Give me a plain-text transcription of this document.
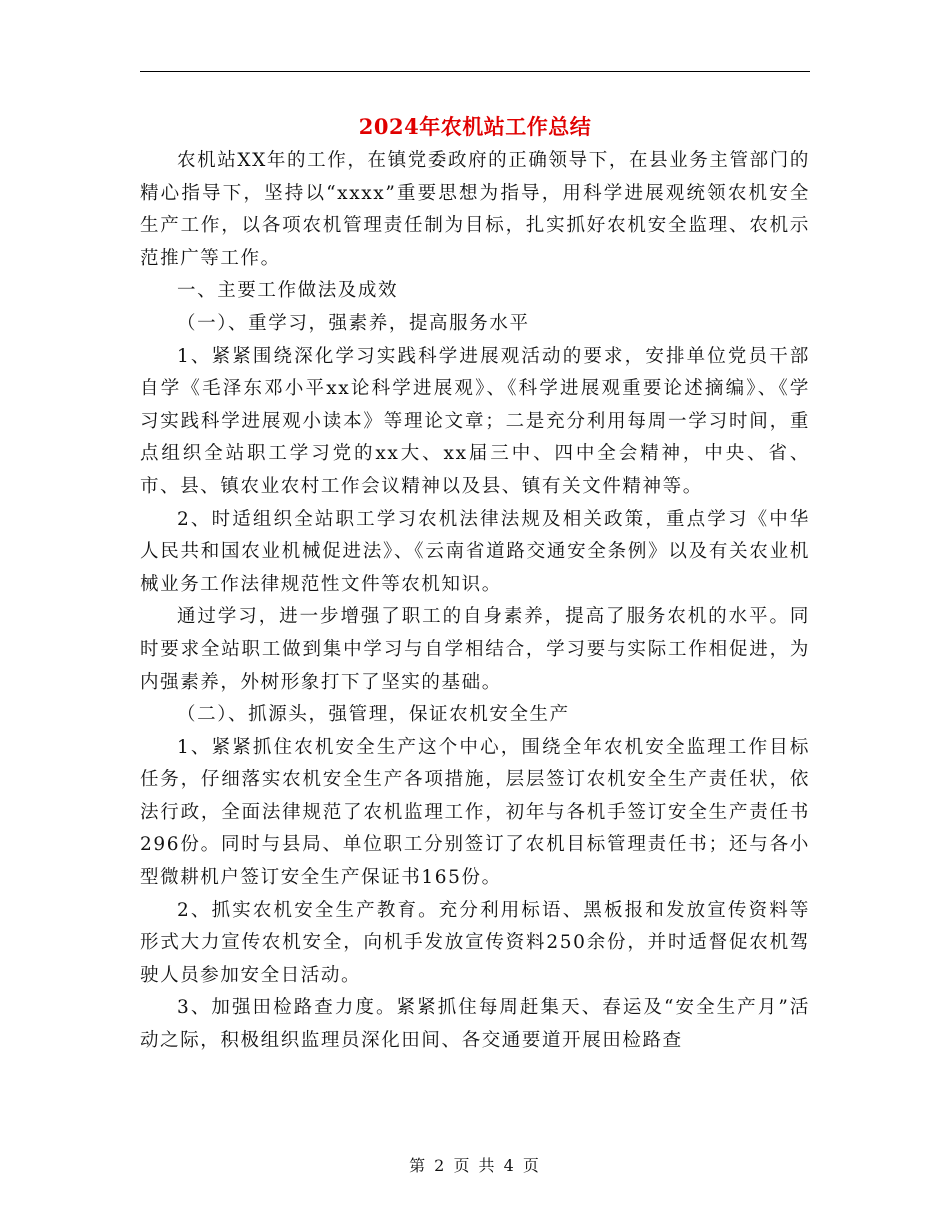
2024年农机站工作总结

农机站XX年的工作，在镇党委政府的正确领导下，在县业务主管部门的精心指导下，坚持以“xxxx”重要思想为指导，用科学进展观统领农机安全生产工作，以各项农机管理责任制为目标，扎实抓好农机安全监理、农机示范推广等工作。

一、主要工作做法及成效

（一）、重学习，强素养，提高服务水平

1、紧紧围绕深化学习实践科学进展观活动的要求，安排单位党员干部自学《毛泽东邓小平xx论科学进展观》、《科学进展观重要论述摘编》、《学习实践科学进展观小读本》等理论文章；二是充分利用每周一学习时间，重点组织全站职工学习党的xx大、xx届三中、四中全会精神，中央、省、市、县、镇农业农村工作会议精神以及县、镇有关文件精神等。

2、时适组织全站职工学习农机法律法规及相关政策，重点学习《中华人民共和国农业机械促进法》、《云南省道路交通安全条例》以及有关农业机械业务工作法律规范性文件等农机知识。

通过学习，进一步增强了职工的自身素养，提高了服务农机的水平。同时要求全站职工做到集中学习与自学相结合，学习要与实际工作相促进，为内强素养，外树形象打下了坚实的基础。

（二）、抓源头，强管理，保证农机安全生产

1、紧紧抓住农机安全生产这个中心，围绕全年农机安全监理工作目标任务，仔细落实农机安全生产各项措施，层层签订农机安全生产责任状，依法行政，全面法律规范了农机监理工作，初年与各机手签订安全生产责任书296份。同时与县局、单位职工分别签订了农机目标管理责任书；还与各小型微耕机户签订安全生产保证书165份。

2、抓实农机安全生产教育。充分利用标语、黑板报和发放宣传资料等形式大力宣传农机安全，向机手发放宣传资料250余份，并时适督促农机驾驶人员参加安全日活动。

3、加强田检路查力度。紧紧抓住每周赶集天、春运及“安全生产月”活动之际，积极组织监理员深化田间、各交通要道开展田检路查

第 2 页 共 4 页
